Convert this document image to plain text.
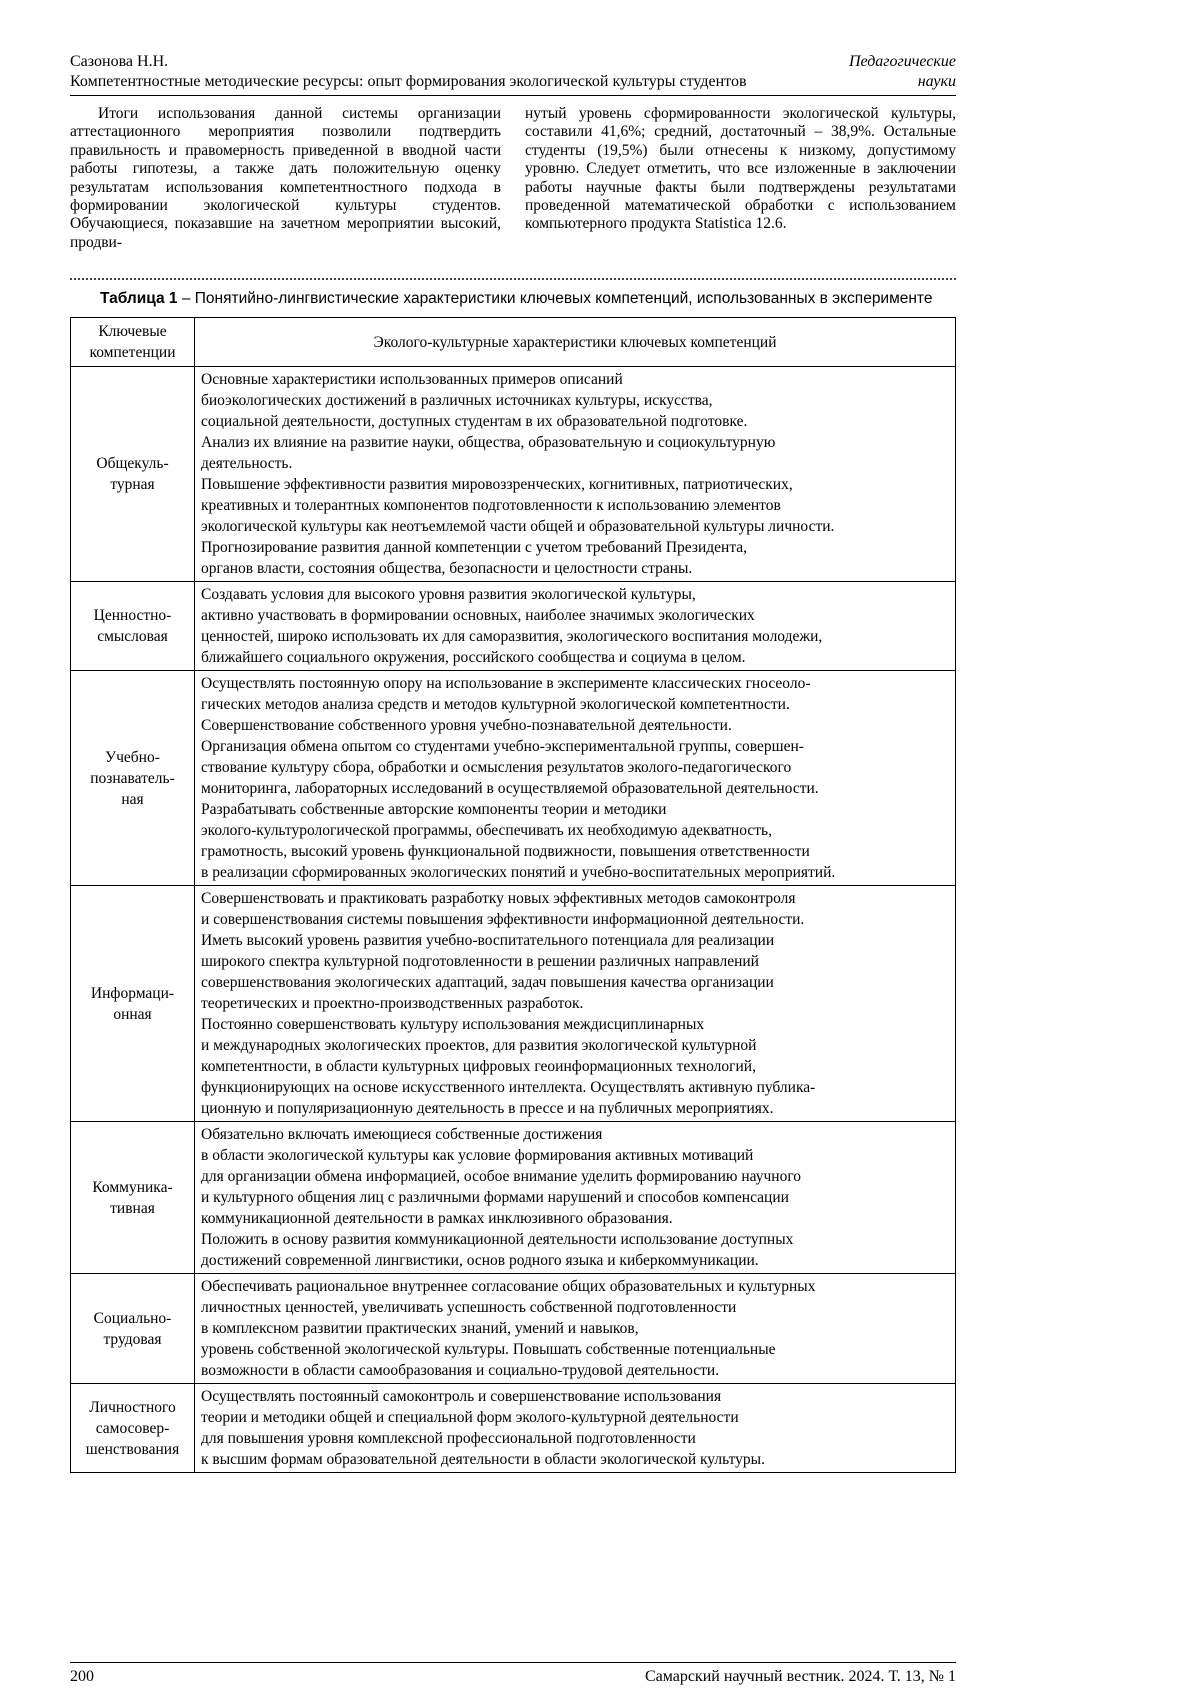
Сазонова Н.Н.	Педагогические
Компетентностные методические ресурсы: опыт формирования экологической культуры студентов	науки

Итоги использования данной системы организации аттестационного мероприятия позволили подтвердить правильность и правомерность приведенной в вводной части работы гипотезы, а также дать положительную оценку результатам использования компетентностного подхода в формировании экологической культуры студентов. Обучающиеся, показавшие на зачетном мероприятии высокий, продви-

нутый уровень сформированности экологической культуры, составили 41,6%; средний, достаточный – 38,9%. Остальные студенты (19,5%) были отнесены к низкому, допустимому уровню. Следует отметить, что все изложенные в заключении работы научные факты были подтверждены результатами проведенной математической обработки с использованием компьютерного продукта Statistica 12.6.

Таблица 1 – Понятийно-лингвистические характеристики ключевых компетенций, использованных в эксперименте

Ключевые
компетенции	Эколого-культурные характеристики ключевых компетенций
Общекуль-
турная	Основные характеристики использованных примеров описаний
биоэкологических достижений в различных источниках культуры, искусства,
социальной деятельности, доступных студентам в их образовательной подготовке.
Анализ их влияние на развитие науки, общества, образовательную и социокультурную
деятельность.
Повышение эффективности развития мировоззренческих, когнитивных, патриотических,
креативных и толерантных компонентов подготовленности к использованию элементов
экологической культуры как неотъемлемой части общей и образовательной культуры личности.
Прогнозирование развития данной компетенции с учетом требований Президента,
органов власти, состояния общества, безопасности и целостности страны.
Ценностно-
смысловая	Создавать условия для высокого уровня развития экологической культуры,
активно участвовать в формировании основных, наиболее значимых экологических
ценностей, широко использовать их для саморазвития, экологического воспитания молодежи,
ближайшего социального окружения, российского сообщества и социума в целом.
Учебно-
познаватель-
ная	Осуществлять постоянную опору на использование в эксперименте классических гносеоло-
гических методов анализа средств и методов культурной экологической компетентности.
Совершенствование собственного уровня учебно-познавательной деятельности.
Организация обмена опытом со студентами учебно-экспериментальной группы, совершен-
ствование культуру сбора, обработки и осмысления результатов эколого-педагогического
мониторинга, лабораторных исследований в осуществляемой образовательной деятельности.
Разрабатывать собственные авторские компоненты теории и методики
эколого-культурологической программы, обеспечивать их необходимую адекватность,
грамотность, высокий уровень функциональной подвижности, повышения ответственности
в реализации сформированных экологических понятий и учебно-воспитательных мероприятий.
Информаци-
онная	Совершенствовать и практиковать разработку новых эффективных методов самоконтроля
и совершенствования системы повышения эффективности информационной деятельности.
Иметь высокий уровень развития учебно-воспитательного потенциала для реализации
широкого спектра культурной подготовленности в решении различных направлений
совершенствования экологических адаптаций, задач повышения качества организации
теоретических и проектно-производственных разработок.
Постоянно совершенствовать культуру использования междисциплинарных
и международных экологических проектов, для развития экологической культурной
компетентности, в области культурных цифровых геоинформационных технологий,
функционирующих на основе искусственного интеллекта. Осуществлять активную публика-
ционную и популяризационную деятельность в прессе и на публичных мероприятиях.
Коммуника-
тивная	Обязательно включать имеющиеся собственные достижения
в области экологической культуры как условие формирования активных мотиваций
для организации обмена информацией, особое внимание уделить формированию научного
и культурного общения лиц с различными формами нарушений и способов компенсации
коммуникационной деятельности в рамках инклюзивного образования.
Положить в основу развития коммуникационной деятельности использование доступных
достижений современной лингвистики, основ родного языка и киберкоммуникации.
Социально-
трудовая	Обеспечивать рациональное внутреннее согласование общих образовательных и культурных
личностных ценностей, увеличивать успешность собственной подготовленности
в комплексном развитии практических знаний, умений и навыков,
уровень собственной экологической культуры. Повышать собственные потенциальные
возможности в области самообразования и социально-трудовой деятельности.
Личностного
самосовер-
шенствования	Осуществлять постоянный самоконтроль и совершенствование использования
теории и методики общей и специальной форм эколого-культурной деятельности
для повышения уровня комплексной профессиональной подготовленности
к высшим формам образовательной деятельности в области экологической культуры.
200	Самарский научный вестник. 2024. Т. 13, № 1
